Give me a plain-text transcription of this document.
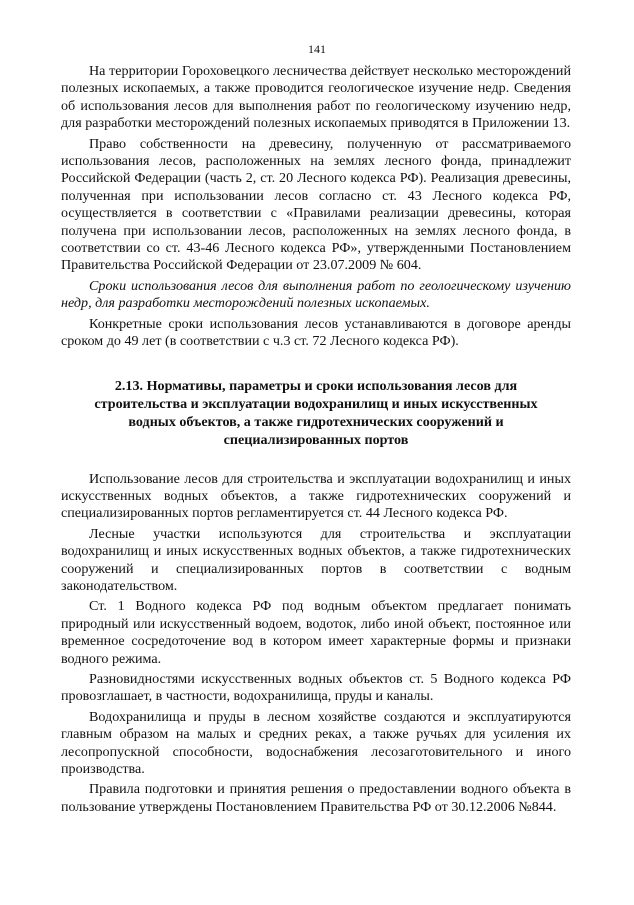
141

На территории Гороховецкого лесничества действует несколько месторождений полезных ископаемых, а также проводится геологическое изучение недр. Сведения об использования лесов для выполнения работ по геологическому изучению недр, для разработки месторождений полезных ископаемых приводятся в Приложении 13.

Право собственности на древесину, полученную от рассматриваемого использования лесов, расположенных на землях лесного фонда, принадлежит Российской Федерации (часть 2, ст. 20 Лесного кодекса РФ). Реализация древесины, полученная при использовании лесов согласно ст. 43 Лесного кодекса РФ, осуществляется в соответствии с «Правилами реализации древесины, которая получена при использовании лесов, расположенных на землях лесного фонда, в соответствии со ст. 43-46 Лесного кодекса РФ», утвержденными Постановлением Правительства Российской Федерации от 23.07.2009 № 604.

Сроки использования лесов для выполнения работ по геологическому изучению недр, для разработки месторождений полезных ископаемых.

Конкретные сроки использования лесов устанавливаются в договоре аренды сроком до 49 лет (в соответствии с ч.3 ст. 72 Лесного кодекса РФ).

2.13. Нормативы, параметры и сроки использования лесов для строительства и эксплуатации водохранилищ и иных искусственных водных объектов, а также гидротехнических сооружений и специализированных портов

Использование лесов для строительства и эксплуатации водохранилищ и иных искусственных водных объектов, а также гидротехнических сооружений и специализированных портов регламентируется ст. 44 Лесного кодекса РФ.

Лесные участки используются для строительства и эксплуатации водохранилищ и иных искусственных водных объектов, а также гидротехнических сооружений и специализированных портов в соответствии с водным законодательством.

Ст. 1 Водного кодекса РФ под водным объектом предлагает понимать природный или искусственный водоем, водоток, либо иной объект, постоянное или временное сосредоточение вод в котором имеет характерные формы и признаки водного режима.

Разновидностями искусственных водных объектов ст. 5 Водного кодекса РФ провозглашает, в частности, водохранилища, пруды и каналы.

Водохранилища и пруды в лесном хозяйстве создаются и эксплуатируются главным образом на малых и средних реках, а также ручьях для усиления их лесопропускной способности, водоснабжения лесозаготовительного и иного производства.

Правила подготовки и принятия решения о предоставлении водного объекта в пользование утверждены Постановлением Правительства РФ от 30.12.2006 №844.
